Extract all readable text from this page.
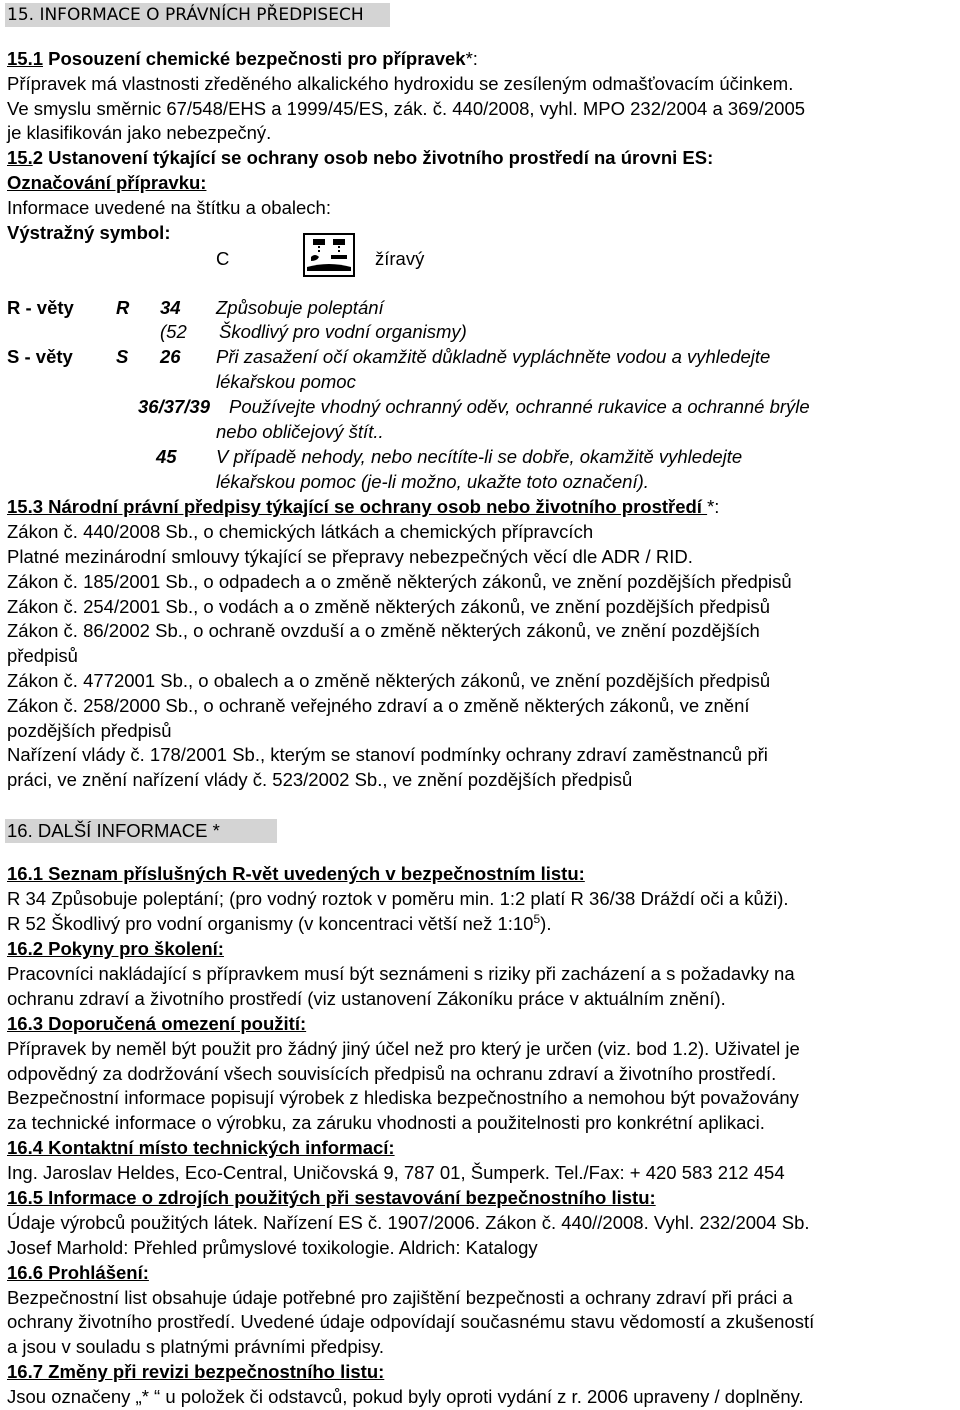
15. INFORMACE O PRÁVNÍCH PŘEDPISECH
15.1 Posouzení chemické bezpečnosti pro přípravek*:
Přípravek má vlastnosti zředěného alkalického hydroxidu se zesíleným odmašťovacím účinkem.
Ve smyslu směrnic 67/548/EHS a 1999/45/ES, zák. č. 440/2008, vyhl. MPO 232/2004 a 369/2005
je klasifikován jako nebezpečný.
15.2 Ustanovení týkající se ochrany osob nebo životního prostředí na úrovni ES:
Označování přípravku:
Informace uvedené na štítku a obalech:
Výstražný symbol:
C	žíravý
R - věty R 34 Způsobuje poleptání
(52 Škodlivý pro vodní organismy)
S - věty S 26 Při zasažení očí okamžitě důkladně vypláchněte vodou a vyhledejte
lékařskou pomoc
36/37/39 Používejte vhodný ochranný oděv, ochranné rukavice a ochranné brýle
nebo obličejový štít..
45 V případě nehody, nebo necítíte-li se dobře, okamžitě vyhledejte
lékařskou pomoc (je-li možno, ukažte toto označení).
15.3 Národní právní předpisy týkající se ochrany osob nebo životního prostředí *:
Zákon č. 440/2008 Sb., o chemických látkách a chemických přípravcích
Platné mezinárodní smlouvy týkající se přepravy nebezpečných věcí dle ADR / RID.
Zákon č. 185/2001 Sb., o odpadech a o změně některých zákonů, ve znění pozdějších předpisů
Zákon č. 254/2001 Sb., o vodách a o změně některých zákonů, ve znění pozdějších předpisů
Zákon č. 86/2002 Sb., o ochraně ovzduší a o změně některých zákonů, ve znění pozdějších
předpisů
Zákon č. 4772001 Sb., o obalech a o změně některých zákonů, ve znění pozdějších předpisů
Zákon č. 258/2000 Sb., o ochraně veřejného zdraví a o změně některých zákonů, ve znění
pozdějších předpisů
Nařízení vlády č. 178/2001 Sb., kterým se stanoví podmínky ochrany zdraví zaměstnanců při
práci, ve znění nařízení vlády č. 523/2002 Sb., ve znění pozdějších předpisů
16. DALŠÍ INFORMACE *
16.1 Seznam příslušných R-vět uvedených v bezpečnostním listu:
R 34 Způsobuje poleptání; (pro vodný roztok v poměru min. 1:2 platí R 36/38 Dráždí oči a kůži).
R 52 Škodlivý pro vodní organismy (v koncentraci větší než $1:10^5$).
16.2 Pokyny pro školení:
Pracovníci nakládající s přípravkem musí být seznámeni s riziky při zacházení a s požadavky na
ochranu zdraví a životního prostředí (viz ustanovení Zákoníku práce v aktuálním znění).
16.3 Doporučená omezení použití:
Přípravek by neměl být použit pro žádný jiný účel než pro který je určen (viz. bod 1.2). Uživatel je
odpovědný za dodržování všech souvisících předpisů na ochranu zdraví a životního prostředí.
Bezpečnostní informace popisují výrobek z hlediska bezpečnostního a nemohou být považovány
za technické informace o výrobku, za záruku vhodnosti a použitelnosti pro konkrétní aplikaci.
16.4 Kontaktní místo technických informací:
Ing. Jaroslav Heldes, Eco-Central, Uničovská 9, 787 01, Šumperk. Tel./Fax: + 420 583 212 454
16.5 Informace o zdrojích použitých při sestavování bezpečnostního listu:
Údaje výrobců použitých látek. Nařízení ES č. 1907/2006. Zákon č. 440//2008. Vyhl. 232/2004 Sb.
Josef Marhold: Přehled průmyslové toxikologie. Aldrich: Katalogy
16.6 Prohlášení:
Bezpečnostní list obsahuje údaje potřebné pro zajištění bezpečnosti a ochrany zdraví při práci a
ochrany životního prostředí. Uvedené údaje odpovídají současnému stavu vědomostí a zkušeností
a jsou v souladu s platnými právními předpisy.
16.7 Změny při revizi bezpečnostního listu:
Jsou označeny „* “ u položek či odstavců, pokud byly oproti vydání z r. 2006 upraveny / doplněny.
